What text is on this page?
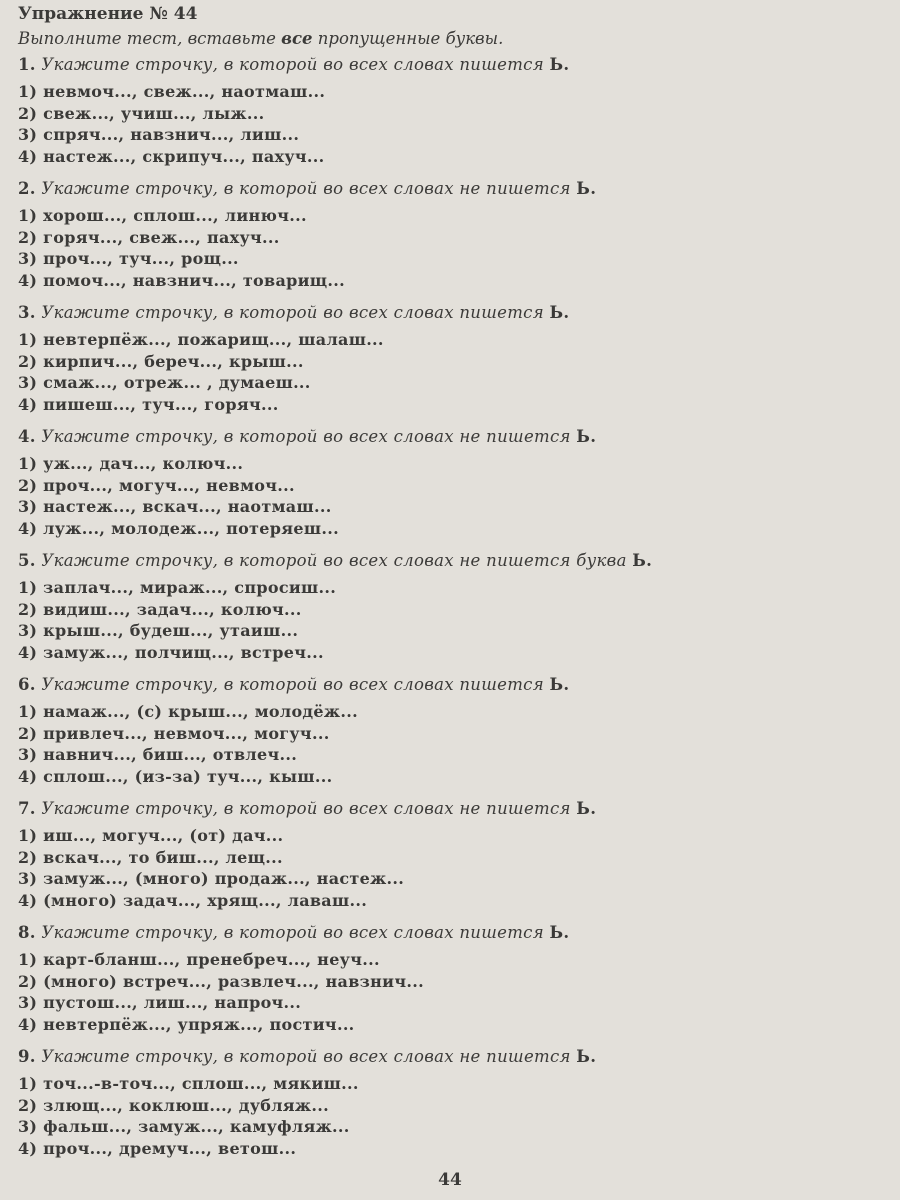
Упражнение № 44
Выполните тест, вставьте все пропущенные буквы.
1. Укажите строчку, в которой во всех словах пишется Ь.
1) невмоч..., свеж..., наотмаш...
2) свеж..., учиш..., лыж...
3) спряч..., навзнич..., лиш...
4) настеж..., скрипуч..., пахуч...
2. Укажите строчку, в которой во всех словах не пишется Ь.
1) хорош..., сплош..., линюч...
2) горяч..., свеж..., пахуч...
3) проч..., туч..., рощ...
4) помоч..., навзнич..., товарищ...
3. Укажите строчку, в которой во всех словах пишется Ь.
1) невтерпёж..., пожарищ..., шалаш...
2) кирпич..., береч..., крыш...
3) смаж..., отреж... , думаеш...
4) пишеш..., туч..., горяч...
4. Укажите строчку, в которой во всех словах не пишется Ь.
1) уж..., дач..., колюч...
2) проч..., могуч..., невмоч...
3) настеж..., вскач..., наотмаш...
4) луж..., молодеж..., потеряеш...
5. Укажите строчку, в которой во всех словах не пишется буква Ь.
1) заплач..., мираж..., спросиш...
2) видиш..., задач..., колюч...
3) крыш..., будеш..., утаиш...
4) замуж..., полчищ..., встреч...
6. Укажите строчку, в которой во всех словах пишется Ь.
1) намаж..., (с) крыш..., молодёж...
2) привлеч..., невмоч..., могуч...
3) навнич..., биш..., отвлеч...
4) сплош..., (из-за) туч..., кыш...
7. Укажите строчку, в которой во всех словах не пишется Ь.
1) иш..., могуч..., (от) дач...
2) вскач..., то биш..., лещ...
3) замуж..., (много) продаж..., настеж...
4) (много) задач..., хрящ..., лаваш...
8. Укажите строчку, в которой во всех словах пишется Ь.
1) карт-бланш..., пренебреч..., неуч...
2) (много) встреч..., развлеч..., навзнич...
3) пустош..., лиш..., напроч...
4) невтерпёж..., упряж..., постич...
9. Укажите строчку, в которой во всех словах не пишется Ь.
1) точ...-в-точ..., сплош..., мякиш...
2) злющ..., коклюш..., дубляж...
3) фальш..., замуж..., камуфляж...
4) проч..., дремуч..., ветош...
44
